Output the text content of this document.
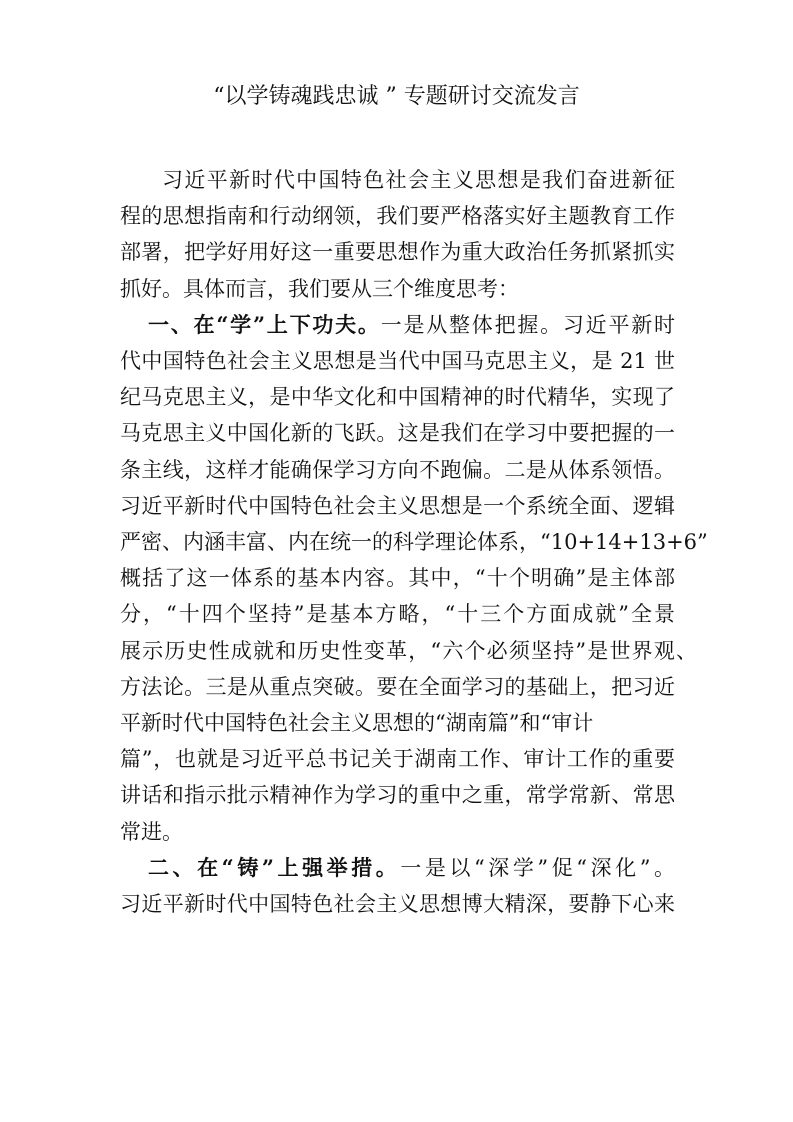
“以学铸魂践忠诚 ” 专题研讨交流发言
习近平新时代中国特色社会主义思想是我们奋进新征
程的思想指南和行动纲领，我们要严格落实好主题教育工作
部署，把学好用好这一重要思想作为重大政治任务抓紧抓实
抓好。具体而言，我们要从三个维度思考：
一、在“学”上下功夫。一是从整体把握。习近平新时
代中国特色社会主义思想是当代中国马克思主义，是 21 世
纪马克思主义，是中华文化和中国精神的时代精华，实现了
马克思主义中国化新的飞跃。这是我们在学习中要把握的一
条主线，这样才能确保学习方向不跑偏。二是从体系领悟。
习近平新时代中国特色社会主义思想是一个系统全面、逻辑
严密、内涵丰富、内在统一的科学理论体系，“10+14+13+6”
概括了这一体系的基本内容。其中，“十个明确”是主体部
分，“十四个坚持”是基本方略，“十三个方面成就”全景
展示历史性成就和历史性变革，“六个必须坚持”是世界观、
方法论。三是从重点突破。要在全面学习的基础上，把习近
平新时代中国特色社会主义思想的“湖南篇”和“审计
篇”，也就是习近平总书记关于湖南工作、审计工作的重要
讲话和指示批示精神作为学习的重中之重，常学常新、常思
常进。
二、在“铸”上强举措。一是以“深学”促“深化”。
习近平新时代中国特色社会主义思想博大精深，要静下心来
